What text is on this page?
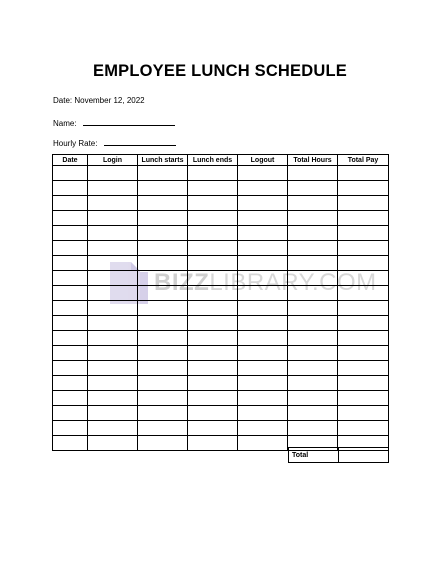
EMPLOYEE LUNCH SCHEDULE
Date: November 12, 2022
Name:
Hourly Rate:
BIZZLIBRARY.COM
Date	Login	Lunch starts	Lunch ends	Logout	Total Hours	Total Pay

Total	
